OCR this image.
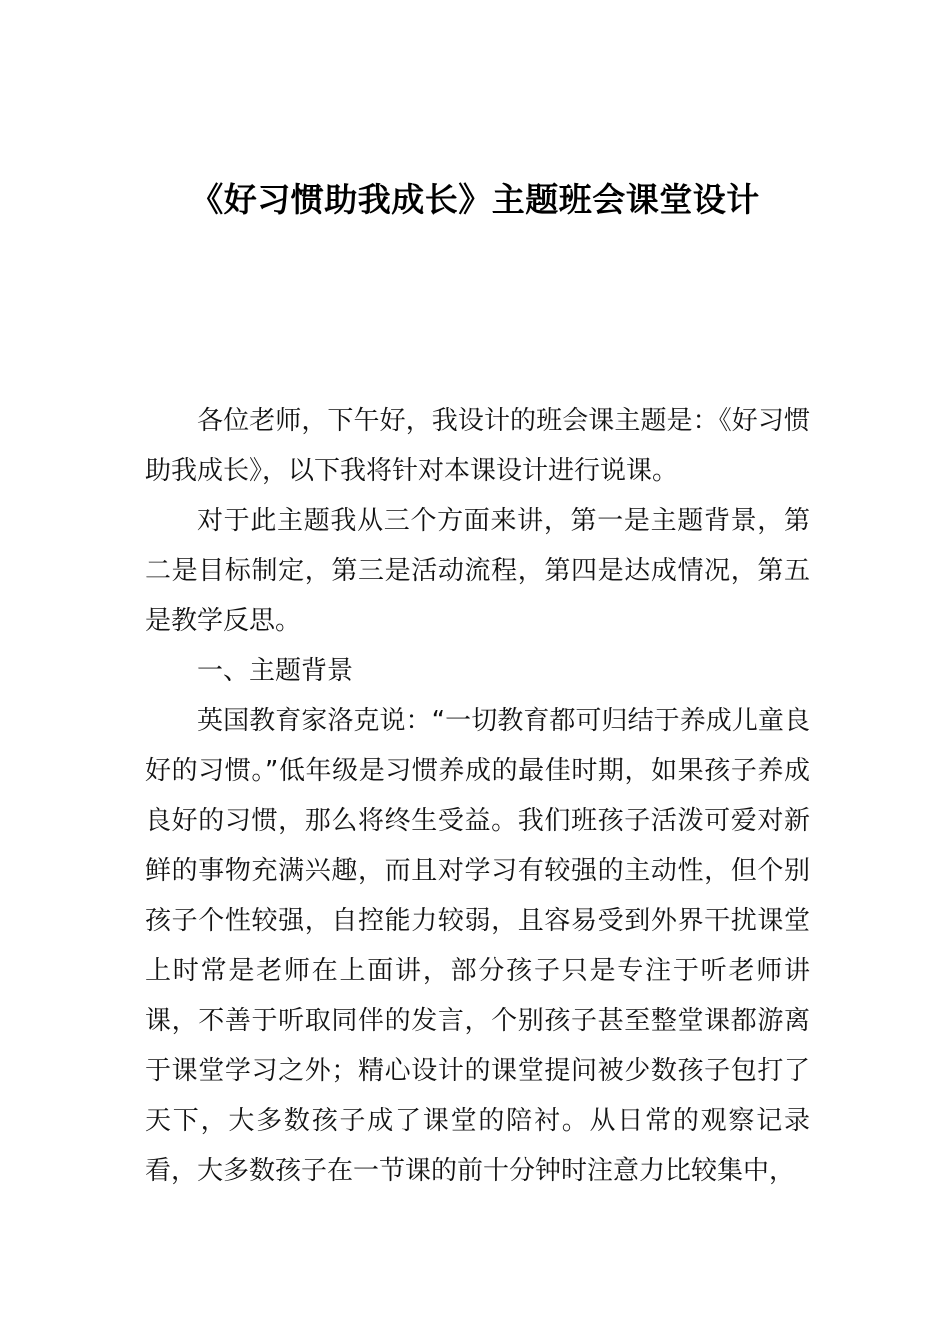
《好习惯助我成长》主题班会课堂设计

各位老师，下午好，我设计的班会课主题是：《好习惯助我成长》，以下我将针对本课设计进行说课。

对于此主题我从三个方面来讲，第一是主题背景，第二是目标制定，第三是活动流程，第四是达成情况，第五是教学反思。

一、主题背景

英国教育家洛克说：“一切教育都可归结于养成儿童良好的习惯。”低年级是习惯养成的最佳时期，如果孩子养成良好的习惯，那么将终生受益。我们班孩子活泼可爱对新鲜的事物充满兴趣，而且对学习有较强的主动性，但个别孩子个性较强，自控能力较弱，且容易受到外界干扰课堂上时常是老师在上面讲，部分孩子只是专注于听老师讲课，不善于听取同伴的发言，个别孩子甚至整堂课都游离于课堂学习之外；精心设计的课堂提问被少数孩子包打了天下，大多数孩子成了课堂的陪衬。从日常的观察记录看，大多数孩子在一节课的前十分钟时注意力比较集中，
